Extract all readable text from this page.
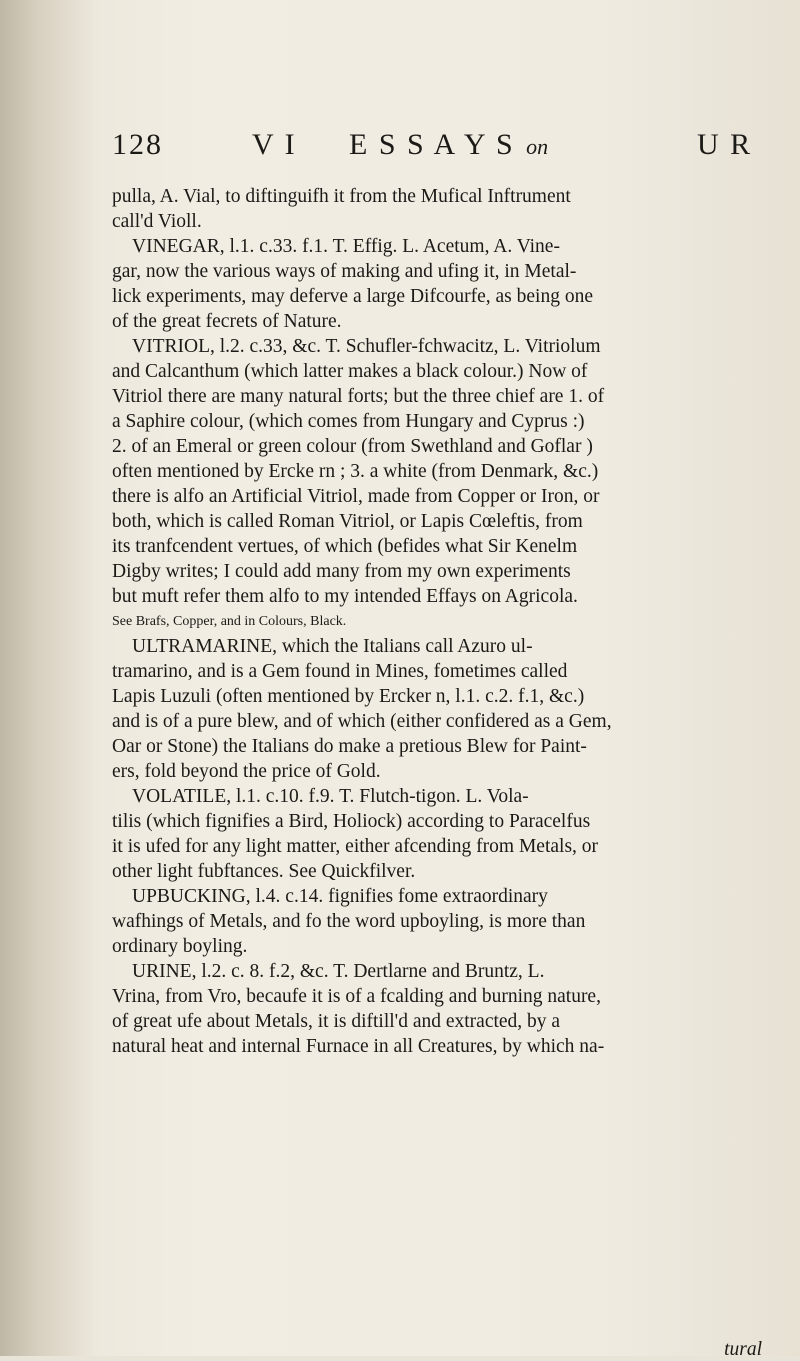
128	V I E S S A Y S on	U R
pulla, A. Vial, to diftinguifh it from the Mufical Inftrument
call'd Violl.
VINEGAR, l.1. c.33. f.1. T. Effig. L. Acetum, A. Vine-
gar, now the various ways of making and ufing it, in Metal-
lick experiments, may deferve a large Difcourfe, as being one
of the great fecrets of Nature.
VITRIOL, l.2. c.33, &c. T. Schufler-fchwacitz, L. Vitriolum
and Calcanthum (which latter makes a black colour.) Now of
Vitriol there are many natural forts; but the three chief are 1. of
a Saphire colour, (which comes from Hungary and Cyprus :)
2. of an Emeral or green colour (from Swethland and Goflar )
often mentioned by Ercke rn ; 3. a white (from Denmark, &c.)
there is alfo an Artificial Vitriol, made from Copper or Iron, or
both, which is called Roman Vitriol, or Lapis Cœleftis, from
its tranfcendent vertues, of which (befides what Sir Kenelm
Digby writes; I could add many from my own experiments
but muft refer them alfo to my intended Effays on Agricola.
See Brafs, Copper, and in Colours, Black.
ULTRAMARINE, which the Italians call Azuro ul-
tramarino, and is a Gem found in Mines, fometimes called
Lapis Luzuli (often mentioned by Ercker n, l.1. c.2. f.1, &c.)
and is of a pure blew, and of which (either confidered as a Gem,
Oar or Stone) the Italians do make a pretious Blew for Paint-
ers, fold beyond the price of Gold.
VOLATILE, l.1. c.10. f.9. T. Flutch-tigon. L. Vola-
tilis (which fignifies a Bird, Holiock) according to Paracelfus
it is ufed for any light matter, either afcending from Metals, or
other light fubftances. See Quickfilver.
UPBUCKING, l.4. c.14. fignifies fome extraordinary
wafhings of Metals, and fo the word upboyling, is more than
ordinary boyling.
URINE, l.2. c. 8. f.2, &c. T. Dertlarne and Bruntz, L.
Vrina, from Vro, becaufe it is of a fcalding and burning nature,
of great ufe about Metals, it is diftill'd and extracted, by a
natural heat and internal Furnace in all Creatures, by which na-
tural
